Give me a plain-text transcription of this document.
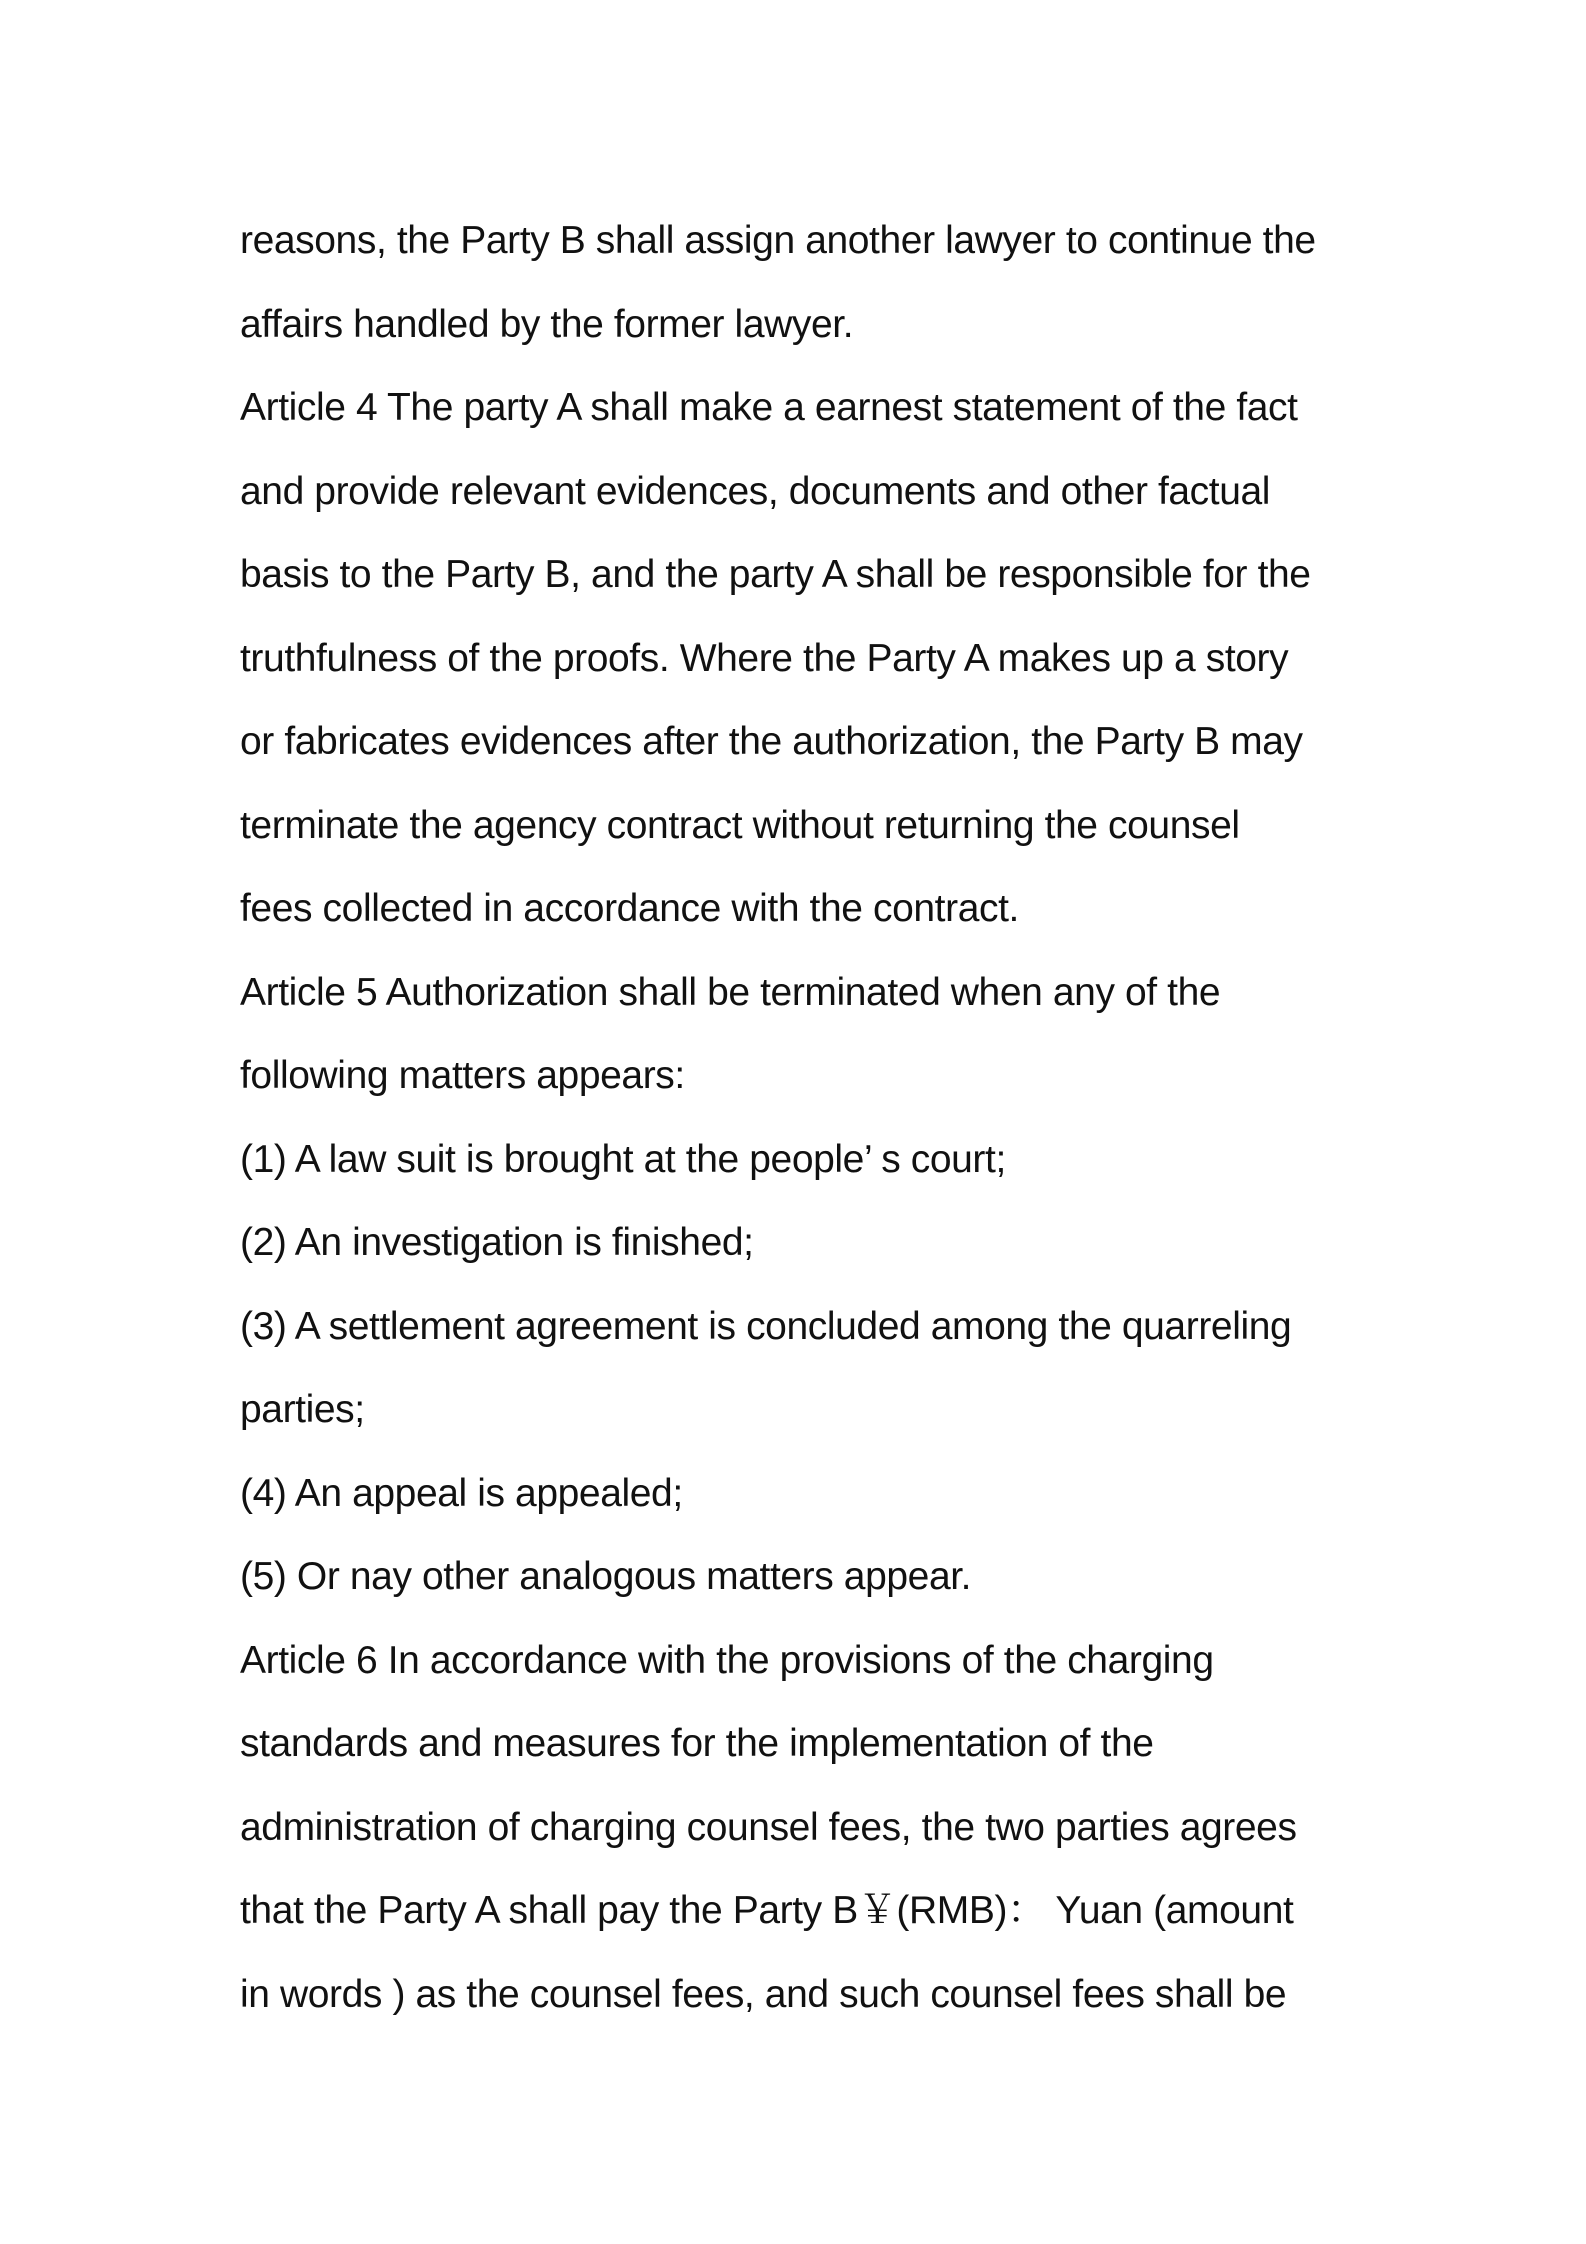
reasons, the Party B shall assign another lawyer to continue the
affairs handled by the former lawyer.
Article 4 The party A shall make a earnest statement of the fact
and provide relevant evidences, documents and other factual
basis to the Party B, and the party A shall be responsible for the
truthfulness of the proofs. Where the Party A makes up a story
or fabricates evidences after the authorization, the Party B may
terminate the agency contract without returning the counsel
fees collected in accordance with the contract.
Article 5 Authorization shall be terminated when any of the
following matters appears:
(1) A law suit is brought at the people’ s court;
(2) An investigation is finished;
(3) A settlement agreement is concluded among the quarreling
parties;
(4) An appeal is appealed;
(5) Or nay other analogous matters appear.
Article 6 In accordance with the provisions of the charging
standards and measures for the implementation of the
administration of charging counsel fees, the two parties agrees
that the Party A shall pay the Party B￥(RMB)： Yuan (amount
in words ) as the counsel fees, and such counsel fees shall be
